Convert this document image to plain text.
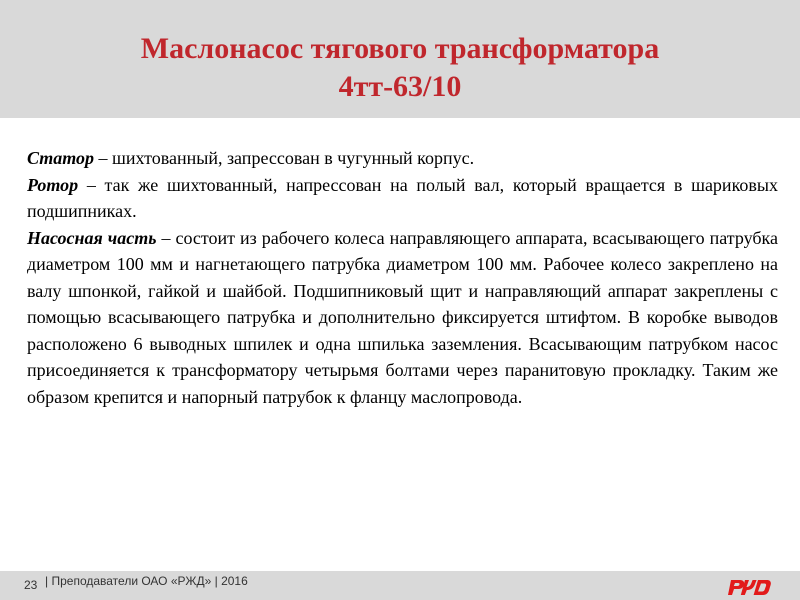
Маслонасос тягового трансформатора
4тт-63/10

Статор – шихтованный, запрессован в чугунный корпус.

Ротор – так же шихтованный, напрессован на полый вал, который вращается в шариковых подшипниках.

Насосная часть – состоит из рабочего колеса направляющего аппарата, всасывающего патрубка диаметром 100 мм и нагнетающего патрубка диаметром 100 мм. Рабочее колесо закреплено на валу шпонкой, гайкой и шайбой. Подшипниковый щит и направляющий аппарат закреплены с помощью всасывающего патрубка и дополнительно фиксируется штифтом. В коробке выводов расположено 6 выводных шпилек и одна шпилька заземления. Всасывающим патрубком насос присоединяется к трансформатору четырьмя болтами через паранитовую прокладку. Таким же образом крепится и напорный патрубок к фланцу маслопровода.

23 | Преподаватели ОАО «РЖД» | 2016
